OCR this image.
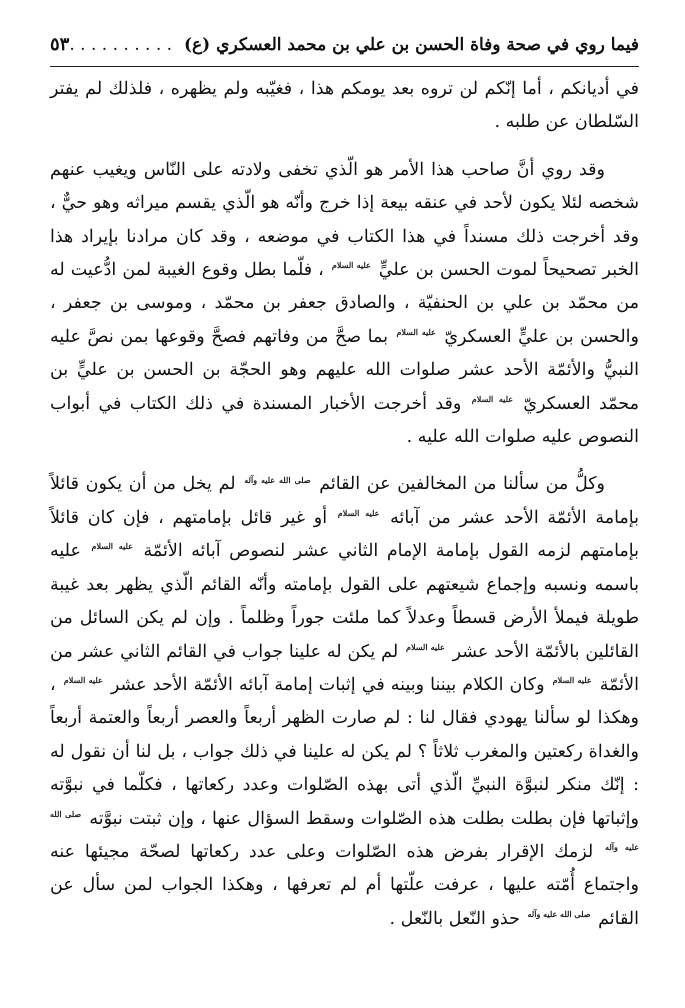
فيما روي في صحة وفاة الحسن بن علي بن محمد العسكري (ع) . . . . . . . . . .
٥٣

في أديانكم ، أما إنّكم لن تروه بعد يومكم هذا ، فغيّبه ولم يظهره ، فلذلك لم يفتر السّلطان عن طلبه .

وقد روي أنَّ صاحب هذا الأمر هو الّذي تخفى ولادته على النّاس ويغيب عنهم شخصه لئلا يكون لأحد في عنقه بيعة إذا خرج وأنّه هو الّذي يقسم ميراثه وهو حيٌّ ، وقد أخرجت ذلك مسنداً في هذا الكتاب في موضعه ، وقد كان مرادنا بإيراد هذا الخبر تصحيحاً لموت الحسن بن عليٍّ $^{عليه السلام}$ ، فلّما بطل وقوع الغيبة لمن ادُّعيت له من محمّد بن علي بن الحنفيّة ، والصادق جعفر بن محمّد ، وموسى بن جعفر ، والحسن بن عليٍّ العسكريّ $^{عليه السلام}$ بما صحَّ من وفاتهم فصحَّ وقوعها بمن نصَّ عليه النبيُّ والأئمّة الأحد عشر صلوات الله عليهم وهو الحجّة بن الحسن بن عليٍّ بن محمّد العسكريّ $^{عليه السلام}$ وقد أخرجت الأخبار المسندة في ذلك الكتاب في أبواب النصوص عليه صلوات الله عليه .

وكلُّ من سألنا من المخالفين عن القائم $^{صلى الله عليه وآله}$ لم يخل من أن يكون قائلاً بإمامة الأئمّة الأحد عشر من آبائه $^{عليه السلام}$ أو غير قائل بإمامتهم ، فإن كان قائلاً بإمامتهم لزمه القول بإمامة الإمام الثاني عشر لنصوص آبائه الأئمّة $^{عليه السلام}$ عليه باسمه ونسبه وإجماع شيعتهم على القول بإمامته وأنّه القائم الّذي يظهر بعد غيبة طويلة فيملأ الأرض قسطاً وعدلاً كما ملئت جوراً وظلماً . وإن لم يكن السائل من القائلين بالأئمّة الأحد عشر $^{عليه السلام}$ لم يكن له علينا جواب في القائم الثاني عشر من الأئمّة $^{عليه السلام}$ وكان الكلام بيننا وبينه في إثبات إمامة آبائه الأئمّة الأحد عشر $^{عليه السلام}$ ، وهكذا لو سألنا يهودي فقال لنا : لم صارت الظهر أربعاً والعصر أربعاً والعتمة أربعاً والغداة ركعتين والمغرب ثلاثاً ؟ لم يكن له علينا في ذلك جواب ، بل لنا أن نقول له : إنّك منكر لنبوَّة النبيِّ الّذي أتى بهذه الصّلوات وعدد ركعاتها ، فكلّما في نبوَّته وإثباتها فإن بطلت بطلت هذه الصّلوات وسقط السؤال عنها ، وإن ثبتت نبوَّته $^{صلى الله عليه وآله}$ لزمك الإقرار بفرض هذه الصّلوات وعلى عدد ركعاتها لصحّة مجيئها عنه واجتماع أُمّته عليها ، عرفت علّتها أم لم تعرفها ، وهكذا الجواب لمن سأل عن القائم $^{صلى الله عليه وآله}$ حذو النّعل بالنّعل .
